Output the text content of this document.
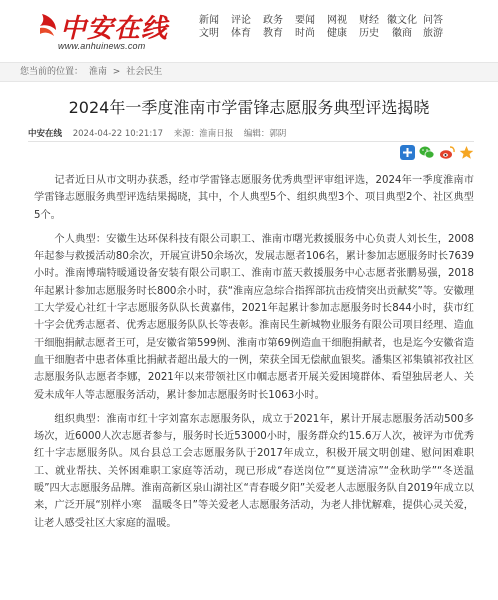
中安在线
www.anhuinews.com
新闻
文明
评论
体育
政务
教育
要闻
时尚
网视
健康
财经
历史
徽文化
徽商
问答
旅游
您当前的位置： 淮南 > 社会民生
2024年一季度淮南市学雷锋志愿服务典型评选揭晓
中安在线 2024-04-22 10:21:17 来源：淮南日报 编辑：郭阴

记者近日从市文明办获悉，经市学雷锋志愿服务优秀典型评审组评选，2024年一季度淮南市学雷锋志愿服务典型评选结果揭晓，其中，个人典型5个、组织典型3个、项目典型2个、社区典型5个。

个人典型：安徽生达环保科技有限公司职工、淮南市曙光救援服务中心负责人刘长生，2008年起参与救援活动80余次，开展宣讲50余场次，发展志愿者106名，累计参加志愿服务时长7639小时。淮南博瑞特暖通设备安装有限公司职工、淮南市蓝天救援服务中心志愿者张鹏易强，2018年起累计参加志愿服务时长800余小时，获“淮南应急综合指挥部抗击疫情突出贡献奖”等。安徽理工大学爱心社红十字志愿服务队队长黄嘉伟，2021年起累计参加志愿服务时长844小时，获市红十字会优秀志愿者、优秀志愿服务队队长等表彰。淮南民生新城物业服务有限公司项目经理、造血干细胞捐献志愿者王可，是安徽省第599例、淮南市第69例造血干细胞捐献者，也是迄今安徽省造血干细胞者中患者体重比捐献者超出最大的一例，荣获全国无偿献血银奖。潘集区祁集镇祁孜社区志愿服务队志愿者李娜，2021年以来带领社区巾帼志愿者开展关爱困境群体、看望独居老人、关爱未成年人等志愿服务活动，累计参加志愿服务时长1063小时。

组织典型：淮南市红十字刘富东志愿服务队，成立于2021年，累计开展志愿服务活动500多场次，近6000人次志愿者参与，服务时长近53000小时，服务群众约15.6万人次，被评为市优秀红十字志愿服务队。凤台县总工会志愿服务队于2017年成立，积极开展文明创建、慰问困难职工、就业帮扶、关怀困难职工家庭等活动，现已形成“春送岗位”“夏送清凉”“金秋助学”“冬送温暖”四大志愿服务品牌。淮南高新区泉山湖社区“青春暖夕阳”关爱老人志愿服务队自2019年成立以来，广泛开展“别样小寒　温暖冬日”等关爱老人志愿服务活动，为老人排忧解难，提供心灵关爱，让老人感受社区大家庭的温暖。
